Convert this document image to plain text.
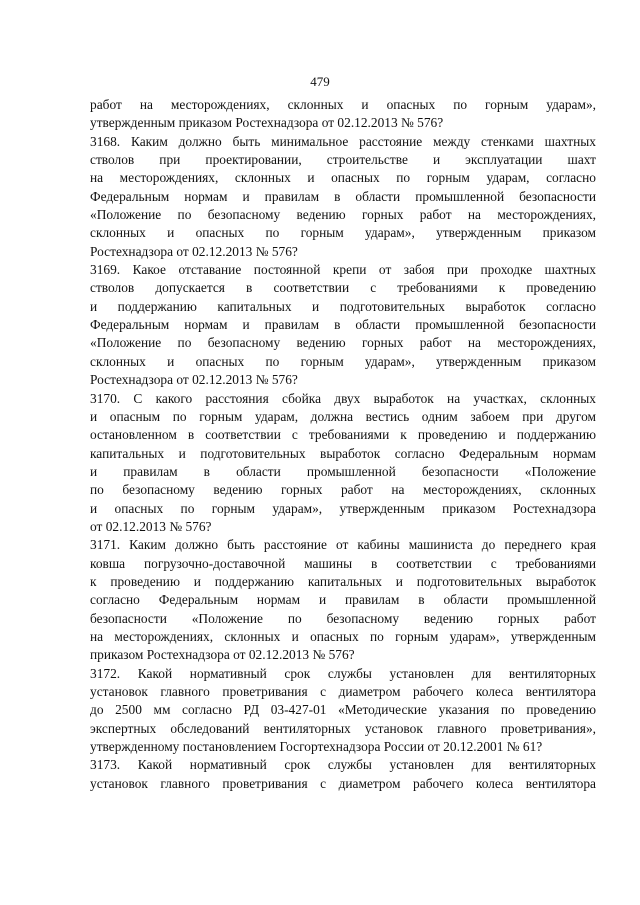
479
работ на месторождениях, склонных и опасных по горным ударам»,
утвержденным приказом Ростехнадзора от 02.12.2013 № 576?
3168. Каким должно быть минимальное расстояние между стенками шахтных
стволов при проектировании, строительстве и эксплуатации шахт
на месторождениях, склонных и опасных по горным ударам, согласно
Федеральным нормам и правилам в области промышленной безопасности
«Положение по безопасному ведению горных работ на месторождениях,
склонных и опасных по горным ударам», утвержденным приказом
Ростехнадзора от 02.12.2013 № 576?
3169. Какое отставание постоянной крепи от забоя при проходке шахтных
стволов допускается в соответствии с требованиями к проведению
и поддержанию капитальных и подготовительных выработок согласно
Федеральным нормам и правилам в области промышленной безопасности
«Положение по безопасному ведению горных работ на месторождениях,
склонных и опасных по горным ударам», утвержденным приказом
Ростехнадзора от 02.12.2013 № 576?
3170. С какого расстояния сбойка двух выработок на участках, склонных
и опасным по горным ударам, должна вестись одним забоем при другом
остановленном в соответствии с требованиями к проведению и поддержанию
капитальных и подготовительных выработок согласно Федеральным нормам
и правилам в области промышленной безопасности «Положение
по безопасному ведению горных работ на месторождениях, склонных
и опасных по горным ударам», утвержденным приказом Ростехнадзора
от 02.12.2013 № 576?
3171. Каким должно быть расстояние от кабины машиниста до переднего края
ковша погрузочно-доставочной машины в соответствии с требованиями
к проведению и поддержанию капитальных и подготовительных выработок
согласно Федеральным нормам и правилам в области промышленной
безопасности «Положение по безопасному ведению горных работ
на месторождениях, склонных и опасных по горным ударам», утвержденным
приказом Ростехнадзора от 02.12.2013 № 576?
3172. Какой нормативный срок службы установлен для вентиляторных
установок главного проветривания с диаметром рабочего колеса вентилятора
до 2500 мм согласно РД 03-427-01 «Методические указания по проведению
экспертных обследований вентиляторных установок главного проветривания»,
утвержденному постановлением Госгортехнадзора России от 20.12.2001 № 61?
3173. Какой нормативный срок службы установлен для вентиляторных
установок главного проветривания с диаметром рабочего колеса вентилятора
